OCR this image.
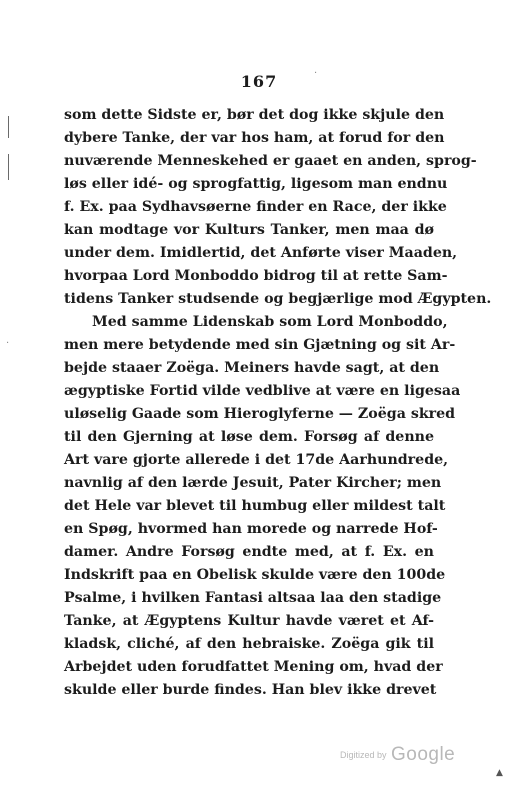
·
·
167
som dette Sidste er, bør det dog ikke skjule den
dybere Tanke, der var hos ham, at forud for den
nuværende Menneskehed er gaaet en anden, sprog-
løs eller idé- og sprogfattig, ligesom man endnu
f. Ex. paa Sydhavsøerne finder en Race, der ikke
kan modtage vor Kulturs Tanker, men maa dø
under dem. Imidlertid, det Anførte viser Maaden,
hvorpaa Lord Monboddo bidrog til at rette Sam-
tidens Tanker studsende og begjærlige mod Ægypten.
Med samme Lidenskab som Lord Monboddo,
men mere betydende med sin Gjætning og sit Ar-
bejde staaer Zoëga. Meiners havde sagt, at den
ægyptiske Fortid vilde vedblive at være en ligesaa
uløselig Gaade som Hieroglyferne — Zoëga skred
til den Gjerning at løse dem. Forsøg af denne
Art vare gjorte allerede i det 17de Aarhundrede,
navnlig af den lærde Jesuit, Pater Kircher; men
det Hele var blevet til humbug eller mildest talt
en Spøg, hvormed han morede og narrede Hof-
damer. Andre Forsøg endte med, at f. Ex. en
Indskrift paa en Obelisk skulde være den 100de
Psalme, i hvilken Fantasi altsaa laa den stadige
Tanke, at Ægyptens Kultur havde været et Af-
kladsk, cliché, af den hebraiske. Zoëga gik til
Arbejdet uden forudfattet Mening om, hvad der
skulde eller burde findes. Han blev ikke drevet
Digitized by Google
▲
